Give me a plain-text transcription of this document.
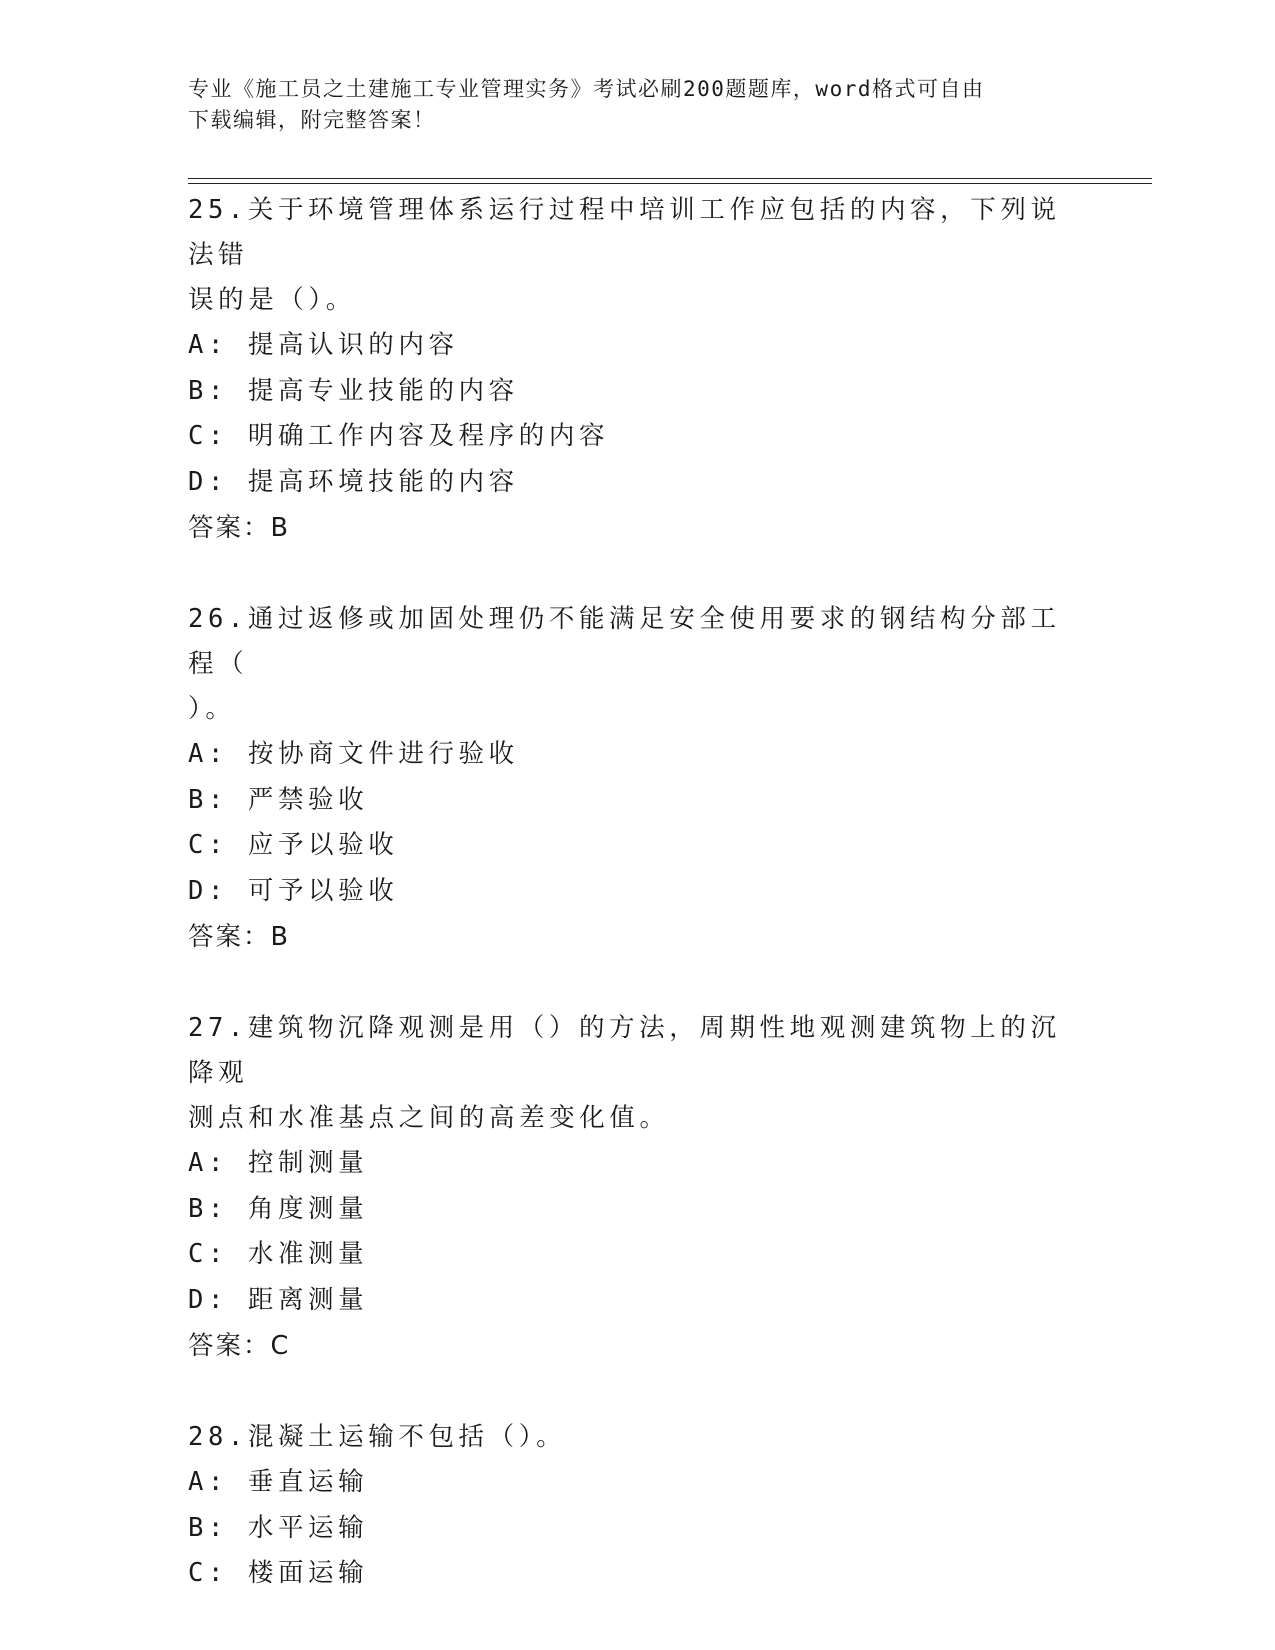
专业《施工员之土建施工专业管理实务》考试必刷200题题库，word格式可自由
下载编辑，附完整答案！
25.关于环境管理体系运行过程中培训工作应包括的内容，下列说法错
误的是（）。
A: 提高认识的内容
B: 提高专业技能的内容
C: 明确工作内容及程序的内容
D: 提高环境技能的内容
答案：B
26.通过返修或加固处理仍不能满足安全使用要求的钢结构分部工程（
）。
A: 按协商文件进行验收
B: 严禁验收
C: 应予以验收
D: 可予以验收
答案：B
27.建筑物沉降观测是用（）的方法，周期性地观测建筑物上的沉降观
测点和水准基点之间的高差变化值。
A: 控制测量
B: 角度测量
C: 水准测量
D: 距离测量
答案：C
28.混凝土运输不包括（）。
A: 垂直运输
B: 水平运输
C: 楼面运输
